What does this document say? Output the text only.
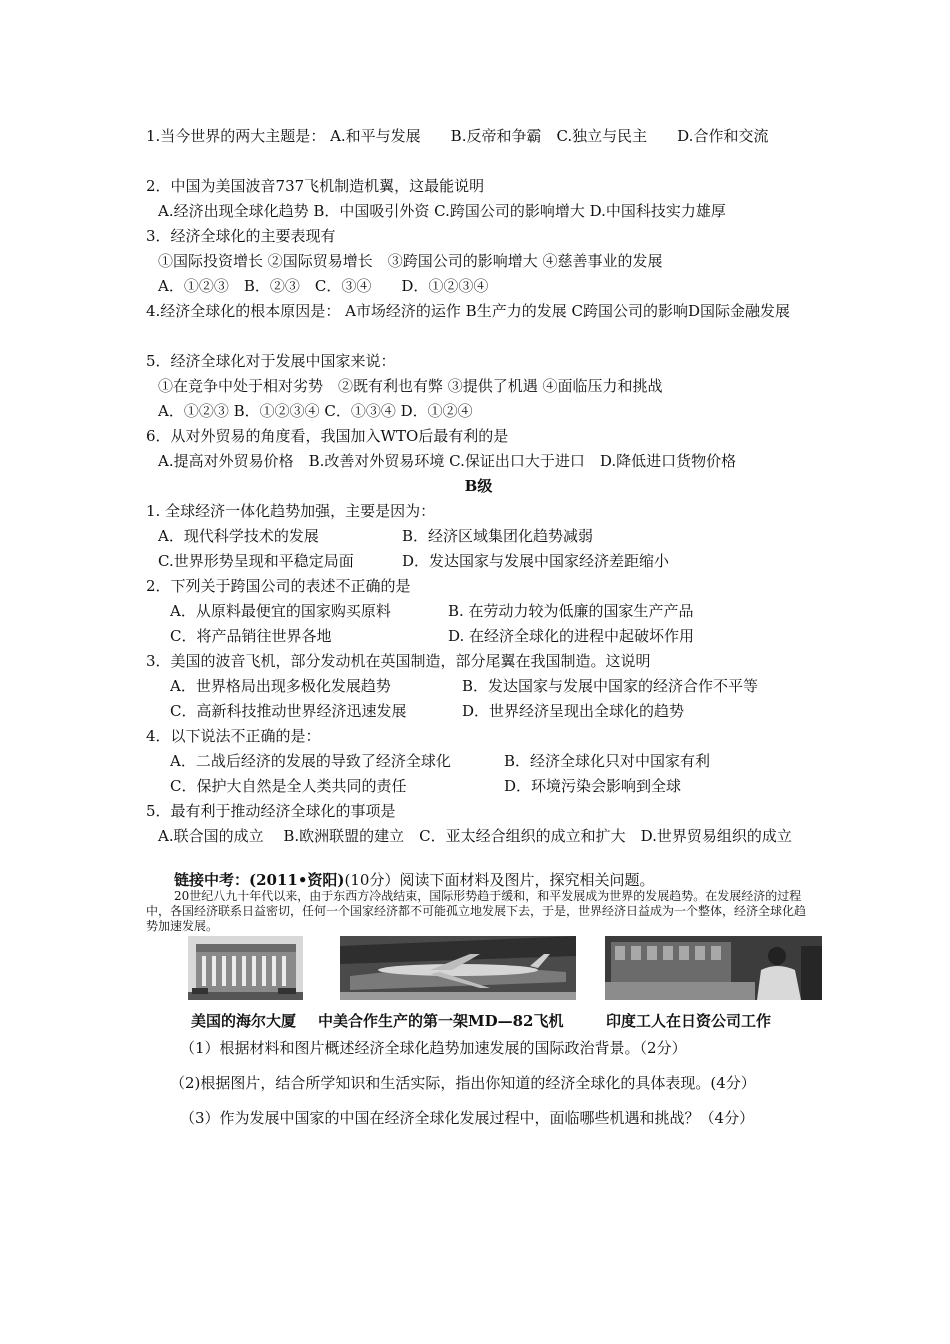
1.当今世界的两大主题是： A.和平与发展　　B.反帝和争霸　C.独立与民主　　D.合作和交流
2．中国为美国波音737飞机制造机翼，这最能说明
A.经济出现全球化趋势 B．中国吸引外资 C.跨国公司的影响增大 D.中国科技实力雄厚
3．经济全球化的主要表现有
①国际投资增长 ②国际贸易增长　③跨国公司的影响增大 ④慈善事业的发展
A．①②③　B．②③　C．③④　　D．①②③④
4.经济全球化的根本原因是： A市场经济的运作 B生产力的发展 C跨国公司的影响D国际金融发展
5．经济全球化对于发展中国家来说：
①在竞争中处于相对劣势　②既有利也有弊 ③提供了机遇 ④面临压力和挑战
A．①②③ B．①②③④ C．①③④ D．①②④
6．从对外贸易的角度看，我国加入WTO后最有利的是
A.提高对外贸易价格　B.改善对外贸易环境 C.保证出口大于进口　D.降低进口货物价格
B级
1. 全球经济一体化趋势加强，主要是因为：
A．现代科学技术的发展	B．经济区域集团化趋势减弱
C.世界形势呈现和平稳定局面	D．发达国家与发展中国家经济差距缩小
2．下列关于跨国公司的表述不正确的是
A．从原料最便宜的国家购买原料	B. 在劳动力较为低廉的国家生产产品
C．将产品销往世界各地	D. 在经济全球化的进程中起破坏作用
3．美国的波音飞机，部分发动机在英国制造，部分尾翼在我国制造。这说明
A．世界格局出现多极化发展趋势	B．发达国家与发展中国家的经济合作不平等
C．高新科技推动世界经济迅速发展	D．世界经济呈现出全球化的趋势
4．以下说法不正确的是：
A．二战后经济的发展的导致了经济全球化	B．经济全球化只对中国家有利
C．保护大自然是全人类共同的责任	D．环境污染会影响到全球
5．最有利于推动经济全球化的事项是
A.联合国的成立　 B.欧洲联盟的建立　C．亚太经合组织的成立和扩大　D.世界贸易组织的成立
链接中考：(2011•资阳)(10分）阅读下面材料及图片，探究相关问题。
20世纪八九十年代以来，由于东西方冷战结束，国际形势趋于缓和，和平发展成为世界的发展趋势。在发展经济的过程中，各国经济联系日益密切，任何一个国家经济都不可能孤立地发展下去，于是，世界经济日益成为一个整体，经济全球化趋势加速发展。
美国的海尔大厦 中美合作生产的第一架MD—82飞机	印度工人在日资公司工作
（1）根据材料和图片概述经济全球化趋势加速发展的国际政治背景。（2分）
（2)根据图片，结合所学知识和生活实际，指出你知道的经济全球化的具体表现。(4分）
（3）作为发展中国家的中国在经济全球化发展过程中，面临哪些机遇和挑战？（4分）
